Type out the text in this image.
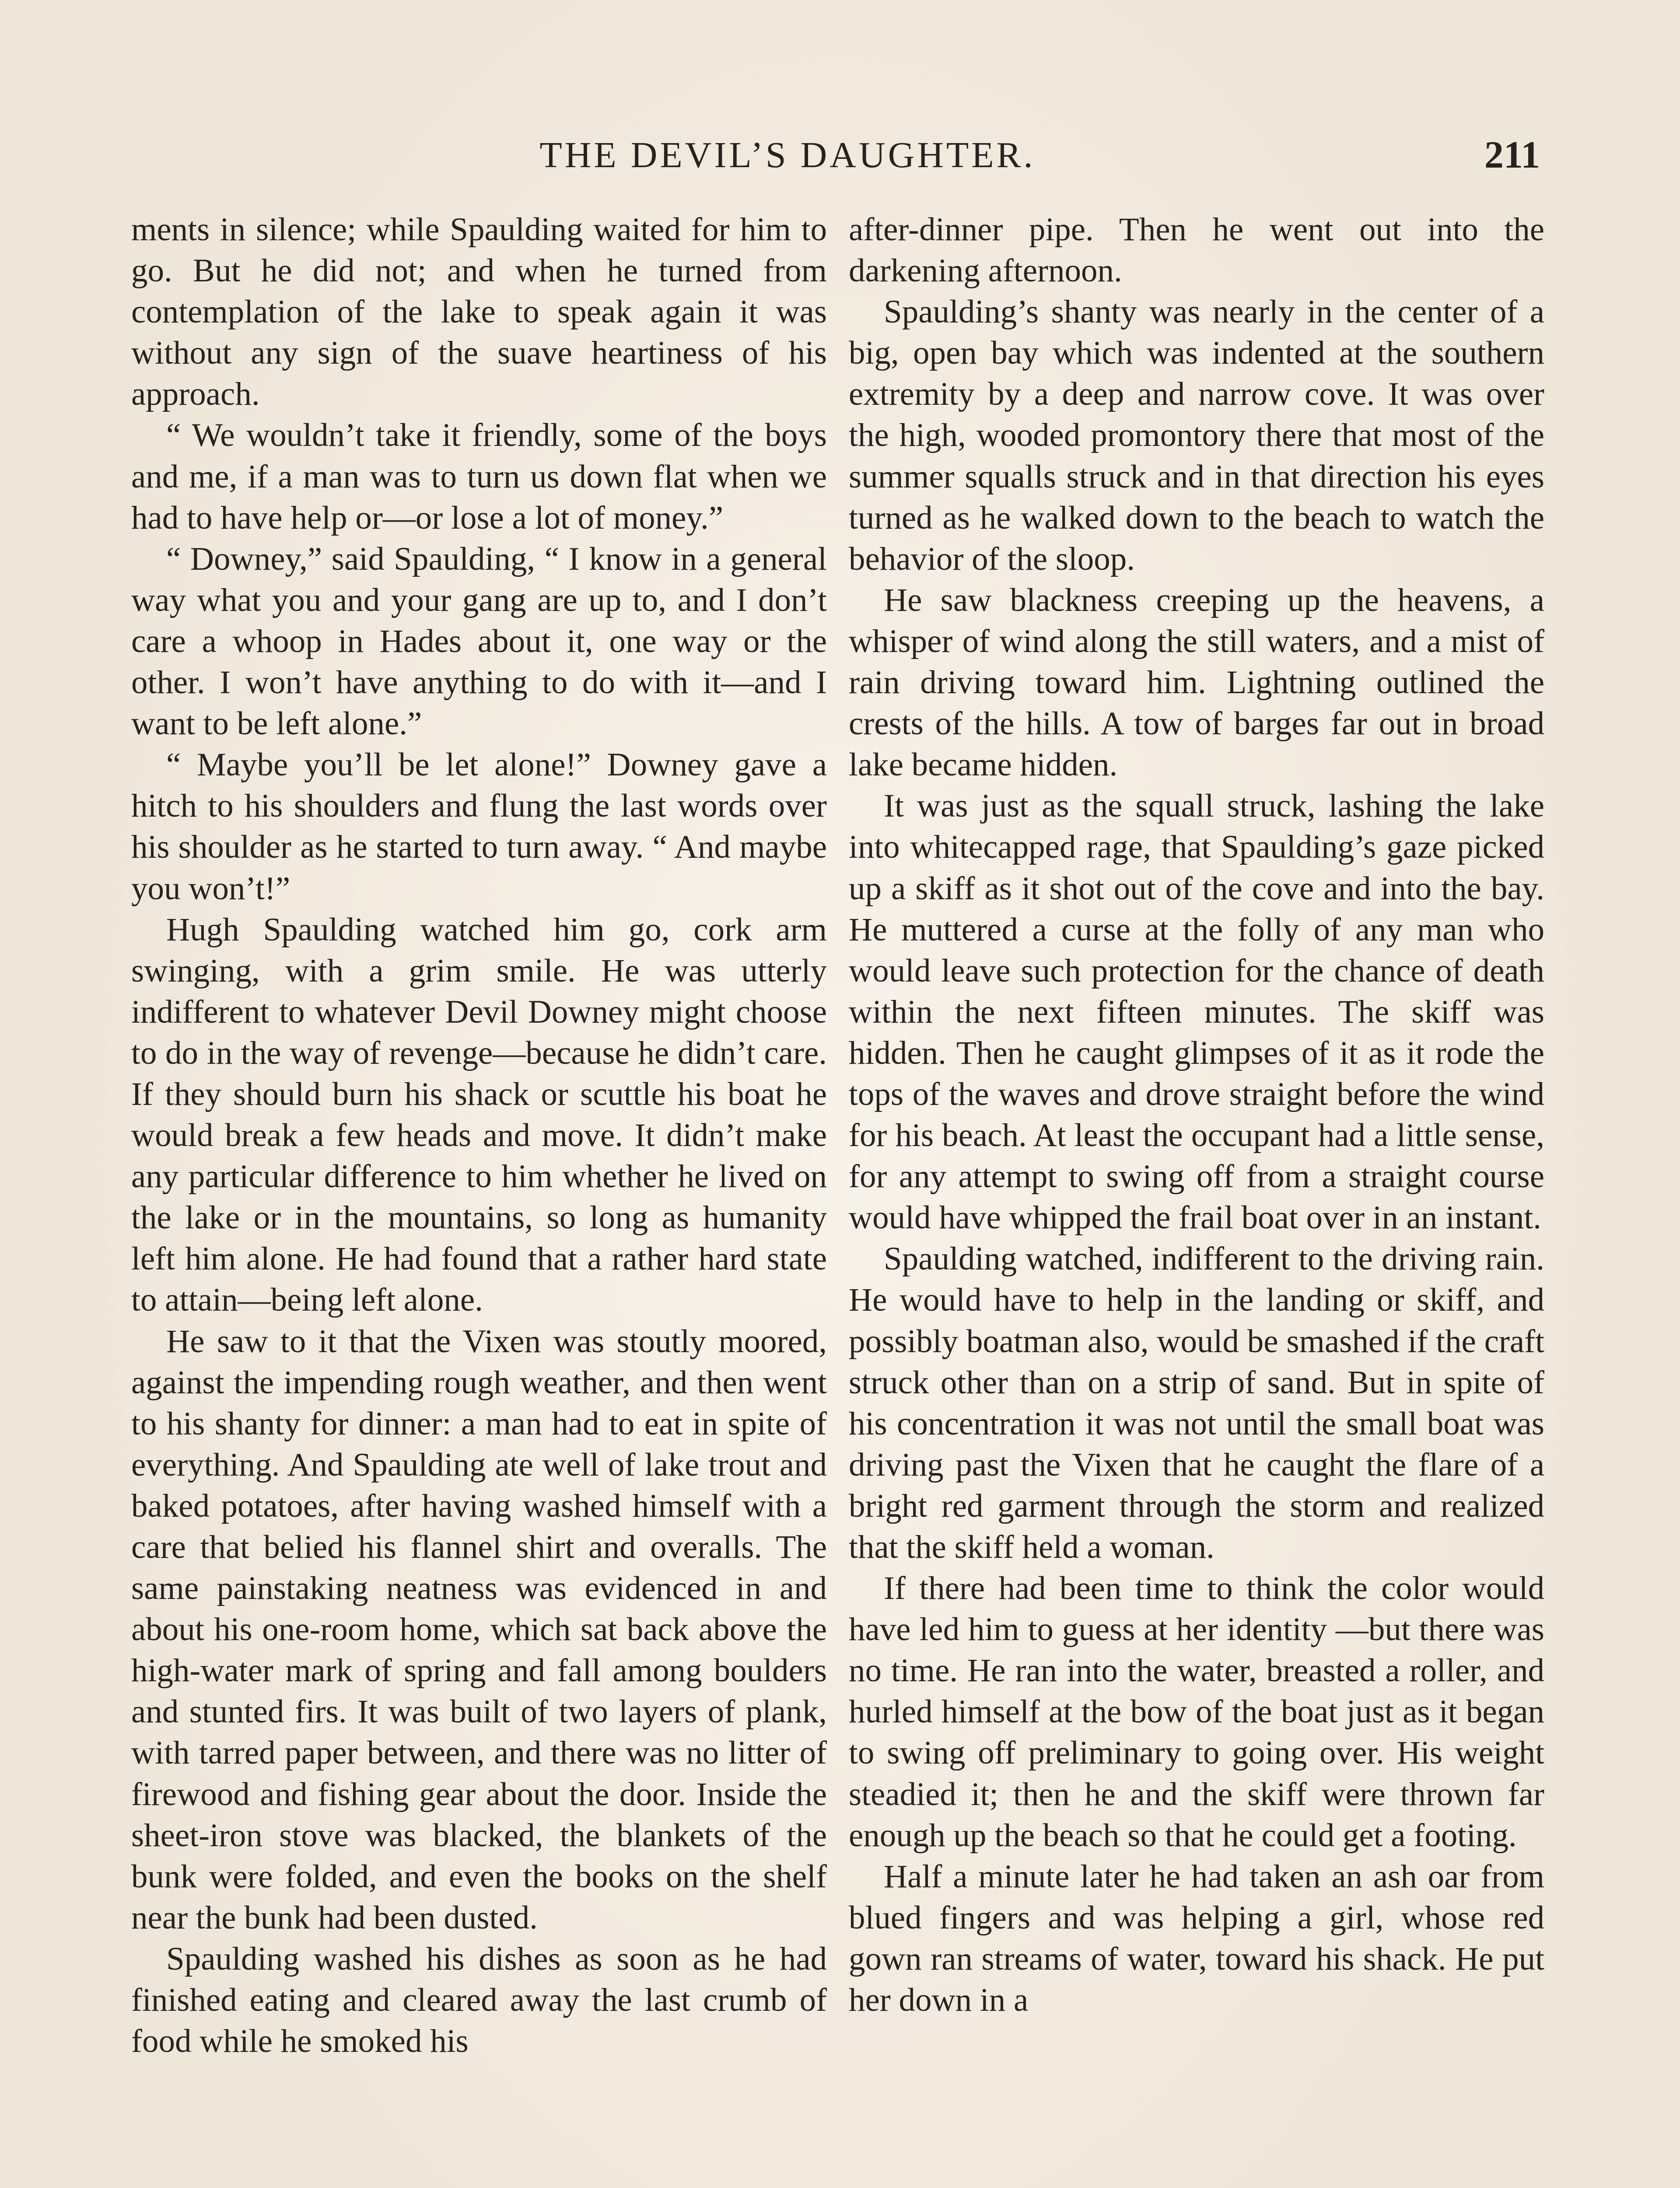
THE DEVIL’S DAUGHTER.	211

ments in silence; while Spaulding waited for him to go. But he did not; and when he turned from contemplation of the lake to speak again it was without any sign of the suave heartiness of his approach.

“ We wouldn’t take it friendly, some of the boys and me, if a man was to turn us down flat when we had to have help or—or lose a lot of money.”

“ Downey,” said Spaulding, “ I know in a general way what you and your gang are up to, and I don’t care a whoop in Hades about it, one way or the other. I won’t have anything to do with it—and I want to be left alone.”

“ Maybe you’ll be let alone!” Downey gave a hitch to his shoulders and flung the last words over his shoulder as he started to turn away. “ And maybe you won’t!”

Hugh Spaulding watched him go, cork arm swinging, with a grim smile. He was utterly indifferent to whatever Devil Downey might choose to do in the way of revenge—because he didn’t care. If they should burn his shack or scuttle his boat he would break a few heads and move. It didn’t make any particular difference to him whether he lived on the lake or in the mountains, so long as humanity left him alone. He had found that a rather hard state to attain—being left alone.

He saw to it that the Vixen was stoutly moored, against the impending rough weather, and then went to his shanty for dinner: a man had to eat in spite of everything. And Spaulding ate well of lake trout and baked potatoes, after having washed himself with a care that belied his flannel shirt and overalls. The same painstaking neatness was evidenced in and about his one-room home, which sat back above the high-water mark of spring and fall among boulders and stunted firs. It was built of two layers of plank, with tarred paper between, and there was no litter of firewood and fishing gear about the door. Inside the sheet-iron stove was blacked, the blankets of the bunk were folded, and even the books on the shelf near the bunk had been dusted.

Spaulding washed his dishes as soon as he had finished eating and cleared away the last crumb of food while he smoked his

after-dinner pipe. Then he went out into the darkening afternoon.

Spaulding’s shanty was nearly in the center of a big, open bay which was indented at the southern extremity by a deep and narrow cove. It was over the high, wooded promontory there that most of the summer squalls struck and in that direction his eyes turned as he walked down to the beach to watch the behavior of the sloop.

He saw blackness creeping up the heavens, a whisper of wind along the still waters, and a mist of rain driving toward him. Lightning outlined the crests of the hills. A tow of barges far out in broad lake became hidden.

It was just as the squall struck, lashing the lake into whitecapped rage, that Spaulding’s gaze picked up a skiff as it shot out of the cove and into the bay. He muttered a curse at the folly of any man who would leave such protection for the chance of death within the next fifteen minutes. The skiff was hidden. Then he caught glimpses of it as it rode the tops of the waves and drove straight before the wind for his beach. At least the occupant had a little sense, for any attempt to swing off from a straight course would have whipped the frail boat over in an instant.

Spaulding watched, indifferent to the driving rain. He would have to help in the landing or skiff, and possibly boatman also, would be smashed if the craft struck other than on a strip of sand. But in spite of his concentration it was not until the small boat was driving past the Vixen that he caught the flare of a bright red garment through the storm and realized that the skiff held a woman.

If there had been time to think the color would have led him to guess at her identity —but there was no time. He ran into the water, breasted a roller, and hurled himself at the bow of the boat just as it began to swing off preliminary to going over. His weight steadied it; then he and the skiff were thrown far enough up the beach so that he could get a footing.

Half a minute later he had taken an ash oar from blued fingers and was helping a girl, whose red gown ran streams of water, toward his shack. He put her down in a
